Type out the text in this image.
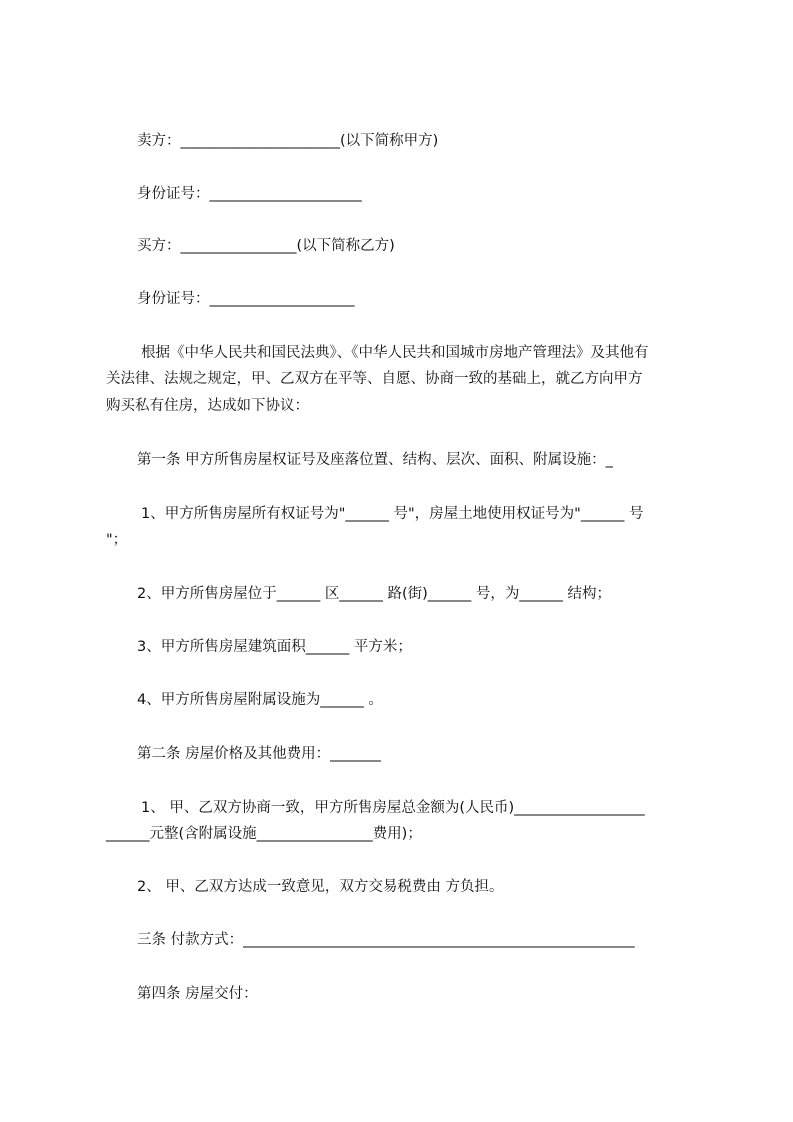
卖方：______________________(以下简称甲方)
身份证号：_____________________
买方：________________(以下简称乙方)
身份证号：____________________
根据《中华人民共和国民法典》、《中华人民共和国城市房地产管理法》及其他有
关法律、法规之规定，甲、乙双方在平等、自愿、协商一致的基础上，就乙方向甲方
购买私有住房，达成如下协议：
第一条 甲方所售房屋权证号及座落位置、结构、层次、面积、附属设施：_
1、甲方所售房屋所有权证号为"______ 号"，房屋土地使用权证号为"______ 号
"；
2、甲方所售房屋位于______ 区______ 路(街)______ 号，为______ 结构；
3、甲方所售房屋建筑面积______ 平方米；
4、甲方所售房屋附属设施为______ 。
第二条 房屋价格及其他费用：_______
1、 甲、乙双方协商一致，甲方所售房屋总金额为(人民币)__________________
______元整(含附属设施________________费用)；
2、 甲、乙双方达成一致意见，双方交易税费由 方负担。
三条 付款方式：______________________________________________________
第四条 房屋交付：
